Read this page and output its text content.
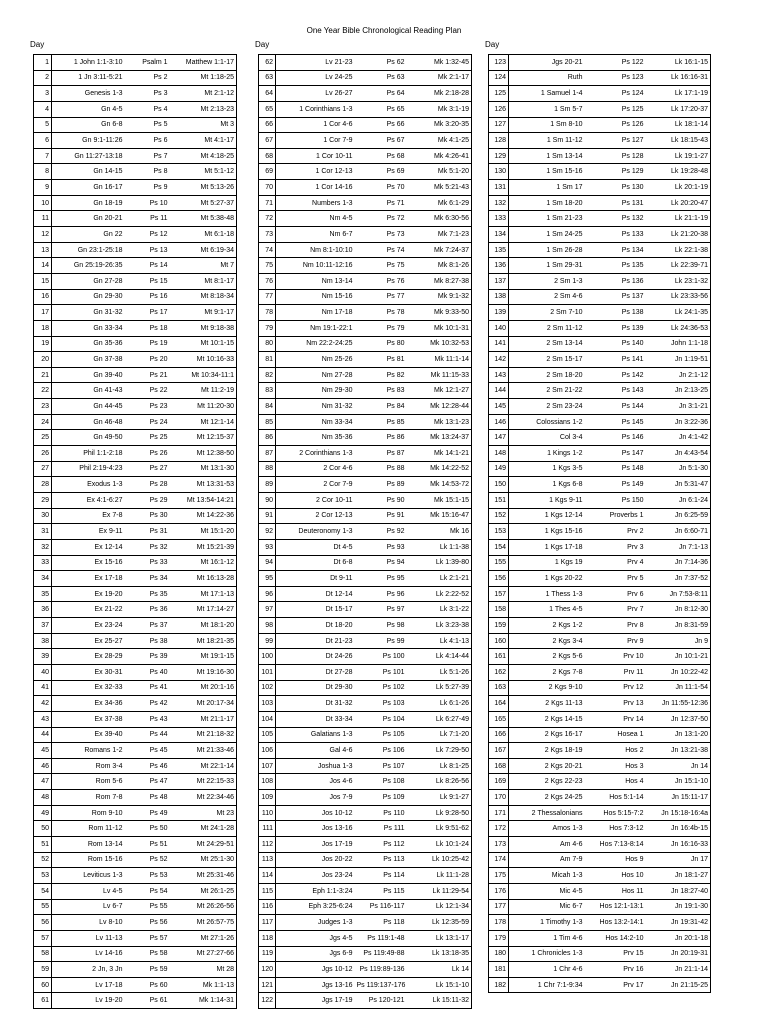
One Year Bible Chronological Reading Plan
Day
1	1 John 1:1-3:10	Psalm 1	Matthew 1:1-17
2	1 Jn 3:11-5:21	Ps 2	Mt 1:18-25
3	Genesis 1-3	Ps 3	Mt 2:1-12
4	Gn 4-5	Ps 4	Mt 2:13-23
5	Gn 6-8	Ps 5	Mt 3
6	Gn 9:1-11:26	Ps 6	Mt 4:1-17
7	Gn 11:27-13:18	Ps 7	Mt 4:18-25
8	Gn 14-15	Ps 8	Mt 5:1-12
9	Gn 16-17	Ps 9	Mt 5:13-26
10	Gn 18-19	Ps 10	Mt 5:27-37
11	Gn 20-21	Ps 11	Mt 5:38-48
12	Gn 22	Ps 12	Mt 6:1-18
13	Gn 23:1-25:18	Ps 13	Mt 6:19-34
14	Gn 25:19-26:35	Ps 14	Mt 7
15	Gn 27-28	Ps 15	Mt 8:1-17
16	Gn 29-30	Ps 16	Mt 8:18-34
17	Gn 31-32	Ps 17	Mt 9:1-17
18	Gn 33-34	Ps 18	Mt 9:18-38
19	Gn 35-36	Ps 19	Mt 10:1-15
20	Gn 37-38	Ps 20	Mt 10:16-33
21	Gn 39-40	Ps 21	Mt 10:34-11:1
22	Gn 41-43	Ps 22	Mt 11:2-19
23	Gn 44-45	Ps 23	Mt 11:20-30
24	Gn 46-48	Ps 24	Mt 12:1-14
25	Gn 49-50	Ps 25	Mt 12:15-37
26	Phil 1:1-2:18	Ps 26	Mt 12:38-50
27	Phil 2:19-4:23	Ps 27	Mt 13:1-30
28	Exodus 1-3	Ps 28	Mt 13:31-53
29	Ex 4:1-6:27	Ps 29	Mt 13:54-14:21
30	Ex 7-8	Ps 30	Mt 14:22-36
31	Ex 9-11	Ps 31	Mt 15:1-20
32	Ex 12-14	Ps 32	Mt 15:21-39
33	Ex 15-16	Ps 33	Mt 16:1-12
34	Ex 17-18	Ps 34	Mt 16:13-28
35	Ex 19-20	Ps 35	Mt 17:1-13
36	Ex 21-22	Ps 36	Mt 17:14-27
37	Ex 23-24	Ps 37	Mt 18:1-20
38	Ex 25-27	Ps 38	Mt 18:21-35
39	Ex 28-29	Ps 39	Mt 19:1-15
40	Ex 30-31	Ps 40	Mt 19:16-30
41	Ex 32-33	Ps 41	Mt 20:1-16
42	Ex 34-36	Ps 42	Mt 20:17-34
43	Ex 37-38	Ps 43	Mt 21:1-17
44	Ex 39-40	Ps 44	Mt 21:18-32
45	Romans 1-2	Ps 45	Mt 21:33-46
46	Rom 3-4	Ps 46	Mt 22:1-14
47	Rom 5-6	Ps 47	Mt 22:15-33
48	Rom 7-8	Ps 48	Mt 22:34-46
49	Rom 9-10	Ps 49	Mt 23
50	Rom 11-12	Ps 50	Mt 24:1-28
51	Rom 13-14	Ps 51	Mt 24:29-51
52	Rom 15-16	Ps 52	Mt 25:1-30
53	Leviticus 1-3	Ps 53	Mt 25:31-46
54	Lv 4-5	Ps 54	Mt 26:1-25
55	Lv 6-7	Ps 55	Mt 26:26-56
56	Lv 8-10	Ps 56	Mt 26:57-75
57	Lv 11-13	Ps 57	Mt 27:1-26
58	Lv 14-16	Ps 58	Mt 27:27-66
59	2 Jn, 3 Jn	Ps 59	Mt 28
60	Lv 17-18	Ps 60	Mk 1:1-13
61	Lv 19-20	Ps 61	Mk 1:14-31
Day
62	Lv 21-23	Ps 62	Mk 1:32-45
63	Lv 24-25	Ps 63	Mk 2:1-17
64	Lv 26-27	Ps 64	Mk 2:18-28
65	1 Corinthians 1-3	Ps 65	Mk 3:1-19
66	1 Cor 4-6	Ps 66	Mk 3:20-35
67	1 Cor 7-9	Ps 67	Mk 4:1-25
68	1 Cor 10-11	Ps 68	Mk 4:26-41
69	1 Cor 12-13	Ps 69	Mk 5:1-20
70	1 Cor 14-16	Ps 70	Mk 5:21-43
71	Numbers 1-3	Ps 71	Mk 6:1-29
72	Nm 4-5	Ps 72	Mk 6:30-56
73	Nm 6-7	Ps 73	Mk 7:1-23
74	Nm 8:1-10:10	Ps 74	Mk 7:24-37
75	Nm 10:11-12:16	Ps 75	Mk 8:1-26
76	Nm 13-14	Ps 76	Mk 8:27-38
77	Nm 15-16	Ps 77	Mk 9:1-32
78	Nm 17-18	Ps 78	Mk 9:33-50
79	Nm 19:1-22:1	Ps 79	Mk 10:1-31
80	Nm 22:2-24:25	Ps 80	Mk 10:32-53
81	Nm 25-26	Ps 81	Mk 11:1-14
82	Nm 27-28	Ps 82	Mk 11:15-33
83	Nm 29-30	Ps 83	Mk 12:1-27
84	Nm 31-32	Ps 84	Mk 12:28-44
85	Nm 33-34	Ps 85	Mk 13:1-23
86	Nm 35-36	Ps 86	Mk 13:24-37
87	2 Corinthians 1-3	Ps 87	Mk 14:1-21
88	2 Cor 4-6	Ps 88	Mk 14:22-52
89	2 Cor 7-9	Ps 89	Mk 14:53-72
90	2 Cor 10-11	Ps 90	Mk 15:1-15
91	2 Cor 12-13	Ps 91	Mk 15:16-47
92	Deuteronomy 1-3	Ps 92	Mk 16
93	Dt 4-5	Ps 93	Lk 1:1-38
94	Dt 6-8	Ps 94	Lk 1:39-80
95	Dt 9-11	Ps 95	Lk 2:1-21
96	Dt 12-14	Ps 96	Lk 2:22-52
97	Dt 15-17	Ps 97	Lk 3:1-22
98	Dt 18-20	Ps 98	Lk 3:23-38
99	Dt 21-23	Ps 99	Lk 4:1-13
100	Dt 24-26	Ps 100	Lk 4:14-44
101	Dt 27-28	Ps 101	Lk 5:1-26
102	Dt 29-30	Ps 102	Lk 5:27-39
103	Dt 31-32	Ps 103	Lk 6:1-26
104	Dt 33-34	Ps 104	Lk 6:27-49
105	Galatians 1-3	Ps 105	Lk 7:1-20
106	Gal 4-6	Ps 106	Lk 7:29-50
107	Joshua 1-3	Ps 107	Lk 8:1-25
108	Jos 4-6	Ps 108	Lk 8:26-56
109	Jos 7-9	Ps 109	Lk 9:1-27
110	Jos 10-12	Ps 110	Lk 9:28-50
111	Jos 13-16	Ps 111	Lk 9:51-62
112	Jos 17-19	Ps 112	Lk 10:1-24
113	Jos 20-22	Ps 113	Lk 10:25-42
114	Jos 23-24	Ps 114	Lk 11:1-28
115	Eph 1:1-3:24	Ps 115	Lk 11:29-54
116	Eph 3:25-6:24	Ps 116-117	Lk 12:1-34
117	Judges 1-3	Ps 118	Lk 12:35-59
118	Jgs 4-5	Ps 119:1-48	Lk 13:1-17
119	Jgs 6-9	Ps 119:49-88	Lk 13:18-35
120	Jgs 10-12	Ps 119:89-136	Lk 14
121	Jgs 13-16	Ps 119:137-176	Lk 15:1-10
122	Jgs 17-19	Ps 120-121	Lk 15:11-32
Day
123	Jgs 20-21	Ps 122	Lk 16:1-15
124	Ruth	Ps 123	Lk 16:16-31
125	1 Samuel 1-4	Ps 124	Lk 17:1-19
126	1 Sm 5-7	Ps 125	Lk 17:20-37
127	1 Sm 8-10	Ps 126	Lk 18:1-14
128	1 Sm 11-12	Ps 127	Lk 18:15-43
129	1 Sm 13-14	Ps 128	Lk 19:1-27
130	1 Sm 15-16	Ps 129	Lk 19:28-48
131	1 Sm 17	Ps 130	Lk 20:1-19
132	1 Sm 18-20	Ps 131	Lk 20:20-47
133	1 Sm 21-23	Ps 132	Lk 21:1-19
134	1 Sm 24-25	Ps 133	Lk 21:20-38
135	1 Sm 26-28	Ps 134	Lk 22:1-38
136	1 Sm 29-31	Ps 135	Lk 22:39-71
137	2 Sm 1-3	Ps 136	Lk 23:1-32
138	2 Sm 4-6	Ps 137	Lk 23:33-56
139	2 Sm 7-10	Ps 138	Lk 24:1-35
140	2 Sm 11-12	Ps 139	Lk 24:36-53
141	2 Sm 13-14	Ps 140	John 1:1-18
142	2 Sm 15-17	Ps 141	Jn 1:19-51
143	2 Sm 18-20	Ps 142	Jn 2:1-12
144	2 Sm 21-22	Ps 143	Jn 2:13-25
145	2 Sm 23-24	Ps 144	Jn 3:1-21
146	Colossians 1-2	Ps 145	Jn 3:22-36
147	Col 3-4	Ps 146	Jn 4:1-42
148	1 Kings 1-2	Ps 147	Jn 4:43-54
149	1 Kgs 3-5	Ps 148	Jn 5:1-30
150	1 Kgs 6-8	Ps 149	Jn 5:31-47
151	1 Kgs 9-11	Ps 150	Jn 6:1-24
152	1 Kgs 12-14	Proverbs 1	Jn 6:25-59
153	1 Kgs 15-16	Prv 2	Jn 6:60-71
154	1 Kgs 17-18	Prv 3	Jn 7:1-13
155	1 Kgs 19	Prv 4	Jn 7:14-36
156	1 Kgs 20-22	Prv 5	Jn 7:37-52
157	1 Thess 1-3	Prv 6	Jn 7:53-8:11
158	1 Thes 4-5	Prv 7	Jn 8:12-30
159	2 Kgs 1-2	Prv 8	Jn 8:31-59
160	2 Kgs 3-4	Prv 9	Jn 9
161	2 Kgs 5-6	Prv 10	Jn 10:1-21
162	2 Kgs 7-8	Prv 11	Jn 10:22-42
163	2 Kgs 9-10	Prv 12	Jn 11:1-54
164	2 Kgs 11-13	Prv 13	Jn 11:55-12:36
165	2 Kgs 14-15	Prv 14	Jn 12:37-50
166	2 Kgs 16-17	Hosea 1	Jn 13:1-20
167	2 Kgs 18-19	Hos 2	Jn 13:21-38
168	2 Kgs 20-21	Hos 3	Jn 14
169	2 Kgs 22-23	Hos 4	Jn 15:1-10
170	2 Kgs 24-25	Hos 5:1-14	Jn 15:11-17
171	2 Thessalonians	Hos 5:15-7:2	Jn 15:18-16:4a
172	Amos 1-3	Hos 7:3-12	Jn 16:4b-15
173	Am 4-6	Hos 7:13-8:14	Jn 16:16-33
174	Am 7-9	Hos 9	Jn 17
175	Micah 1-3	Hos 10	Jn 18:1-27
176	Mic 4-5	Hos 11	Jn 18:27-40
177	Mic 6-7	Hos 12:1-13:1	Jn 19:1-30
178	1 Timothy 1-3	Hos 13:2-14:1	Jn 19:31-42
179	1 Tim 4-6	Hos 14:2-10	Jn 20:1-18
180	1 Chronicles 1-3	Prv 15	Jn 20:19-31
181	1 Chr 4-6	Prv 16	Jn 21:1-14
182	1 Chr 7:1-9:34	Prv 17	Jn 21:15-25
